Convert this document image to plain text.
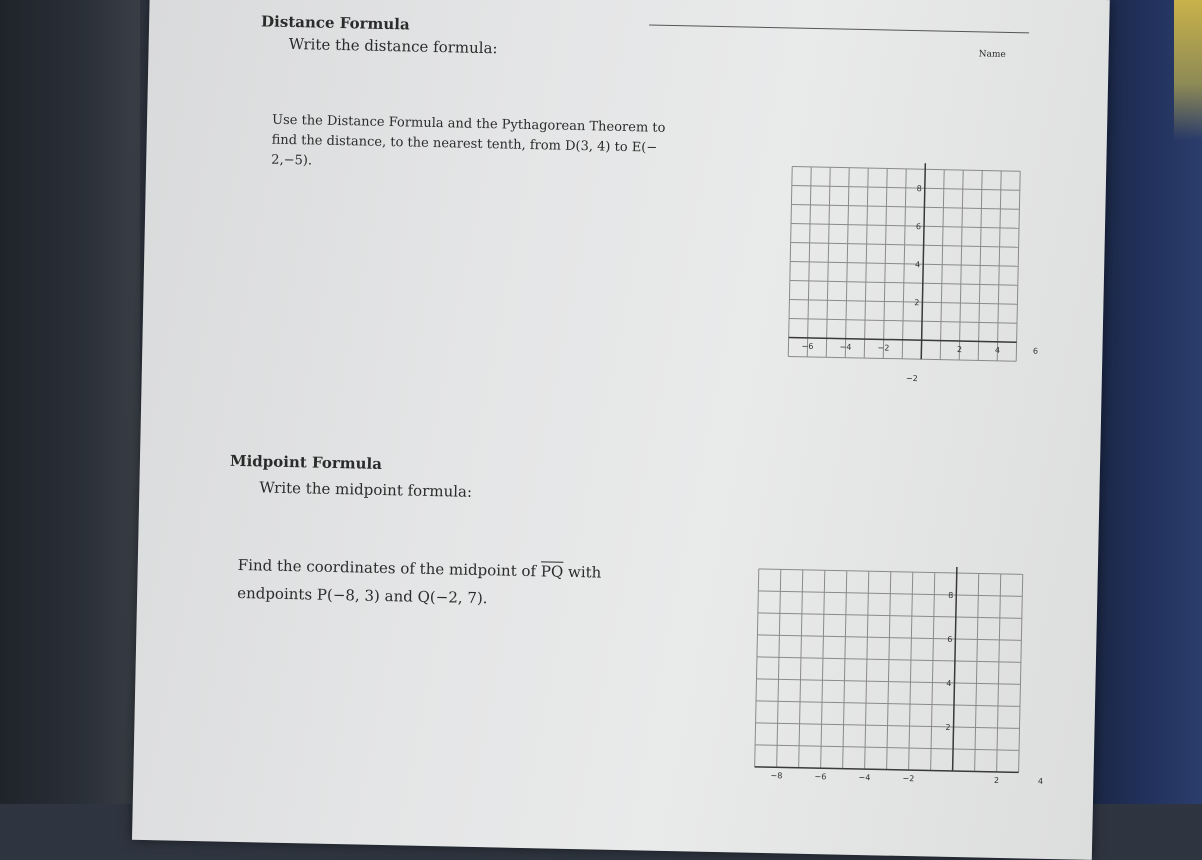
Distance Formula
Name
Write the distance formula:
Use the Distance Formula and the Pythagorean Theorem to
find the distance, to the nearest tenth, from D(3, 4) to E(−
2,−5).
−6	−4	−2	2	4	6
8
6
4
2
−2
Midpoint Formula
Write the midpoint formula:
Find the coordinates of the midpoint of $\overline{PQ}$ with
endpoints P(−8, 3) and Q(−2, 7).
−8	−6	−4	−2	2	4
8
6
4
2
